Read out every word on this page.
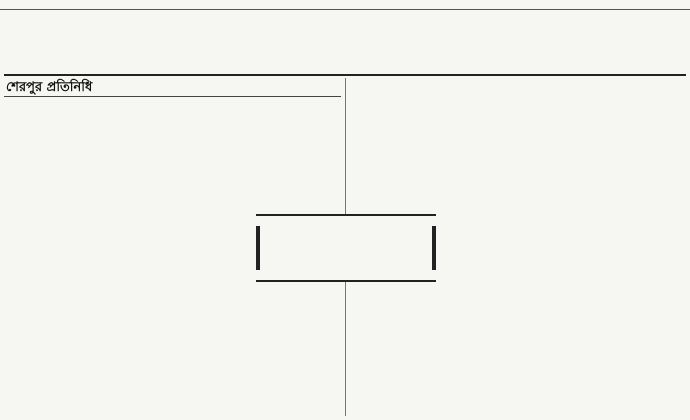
শেরপুর প্রতিনিধি
